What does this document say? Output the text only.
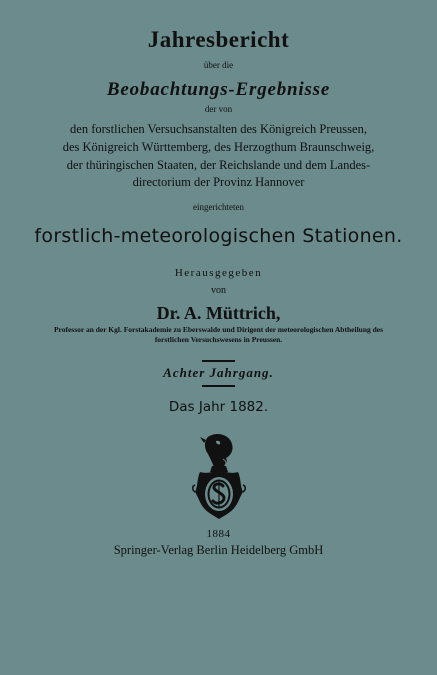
Jahresbericht
über die
Beobachtungs-Ergebnisse
der von
den forstlichen Versuchsanstalten des Königreich Preussen,
des Königreich Württemberg, des Herzogthum Braunschweig,
der thüringischen Staaten, der Reichslande und dem Landes-
directorium der Provinz Hannover
eingerichteten
forstlich-meteorologischen Stationen.
Herausgegeben
von
Dr. A. Müttrich,
Professor an der Kgl. Forstakademie zu Eberswalde und Dirigent der meteorologischen Abtheilung des
forstlichen Versuchswesens in Preussen.
Achter Jahrgang.
Das Jahr 1882.
1884
Springer-Verlag Berlin Heidelberg GmbH
